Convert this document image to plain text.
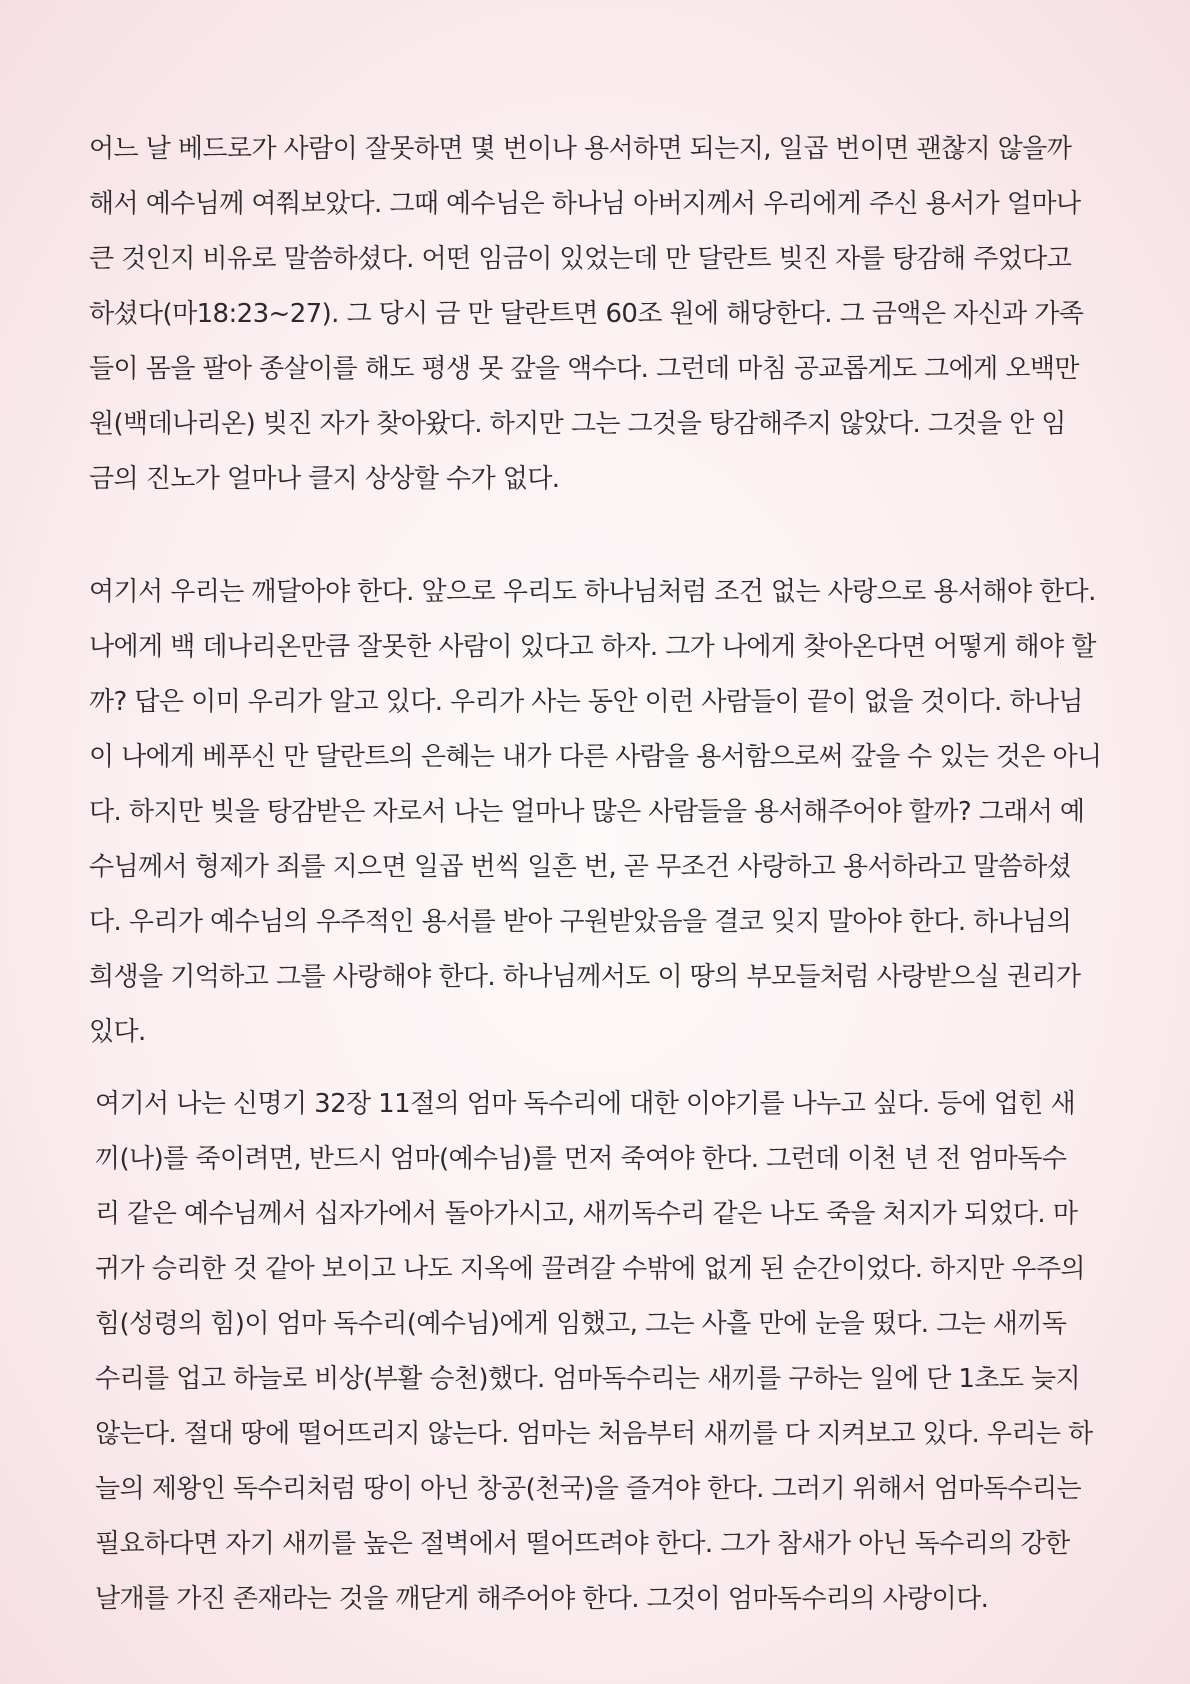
어느 날 베드로가 사람이 잘못하면 몇 번이나 용서하면 되는지, 일곱 번이면 괜찮지 않을까
해서 예수님께 여쭤보았다. 그때 예수님은 하나님 아버지께서 우리에게 주신 용서가 얼마나
큰 것인지 비유로 말씀하셨다. 어떤 임금이 있었는데 만 달란트 빚진 자를 탕감해 주었다고
하셨다(마18:23~27). 그 당시 금 만 달란트면 60조 원에 해당한다. 그 금액은 자신과 가족
들이 몸을 팔아 종살이를 해도 평생 못 갚을 액수다. 그런데 마침 공교롭게도 그에게 오백만
원(백데나리온) 빚진 자가 찾아왔다. 하지만 그는 그것을 탕감해주지 않았다. 그것을 안 임
금의 진노가 얼마나 클지 상상할 수가 없다.
여기서 우리는 깨달아야 한다. 앞으로 우리도 하나님처럼 조건 없는 사랑으로 용서해야 한다.
나에게 백 데나리온만큼 잘못한 사람이 있다고 하자. 그가 나에게 찾아온다면 어떻게 해야 할
까? 답은 이미 우리가 알고 있다. 우리가 사는 동안 이런 사람들이 끝이 없을 것이다. 하나님
이 나에게 베푸신 만 달란트의 은혜는 내가 다른 사람을 용서함으로써 갚을 수 있는 것은 아니
다. 하지만 빚을 탕감받은 자로서 나는 얼마나 많은 사람들을 용서해주어야 할까? 그래서 예
수님께서 형제가 죄를 지으면 일곱 번씩 일흔 번, 곧 무조건 사랑하고 용서하라고 말씀하셨
다. 우리가 예수님의 우주적인 용서를 받아 구원받았음을 결코 잊지 말아야 한다. 하나님의
희생을 기억하고 그를 사랑해야 한다. 하나님께서도 이 땅의 부모들처럼 사랑받으실 권리가
있다.
여기서 나는 신명기 32장 11절의 엄마 독수리에 대한 이야기를 나누고 싶다. 등에 업힌 새
끼(나)를 죽이려면, 반드시 엄마(예수님)를 먼저 죽여야 한다. 그런데 이천 년 전 엄마독수
리 같은 예수님께서 십자가에서 돌아가시고, 새끼독수리 같은 나도 죽을 처지가 되었다. 마
귀가 승리한 것 같아 보이고 나도 지옥에 끌려갈 수밖에 없게 된 순간이었다. 하지만 우주의
힘(성령의 힘)이 엄마 독수리(예수님)에게 임했고, 그는 사흘 만에 눈을 떴다. 그는 새끼독
수리를 업고 하늘로 비상(부활 승천)했다. 엄마독수리는 새끼를 구하는 일에 단 1초도 늦지
않는다. 절대 땅에 떨어뜨리지 않는다. 엄마는 처음부터 새끼를 다 지켜보고 있다. 우리는 하
늘의 제왕인 독수리처럼 땅이 아닌 창공(천국)을 즐겨야 한다. 그러기 위해서 엄마독수리는
필요하다면 자기 새끼를 높은 절벽에서 떨어뜨려야 한다. 그가 참새가 아닌 독수리의 강한
날개를 가진 존재라는 것을 깨닫게 해주어야 한다. 그것이 엄마독수리의 사랑이다.
